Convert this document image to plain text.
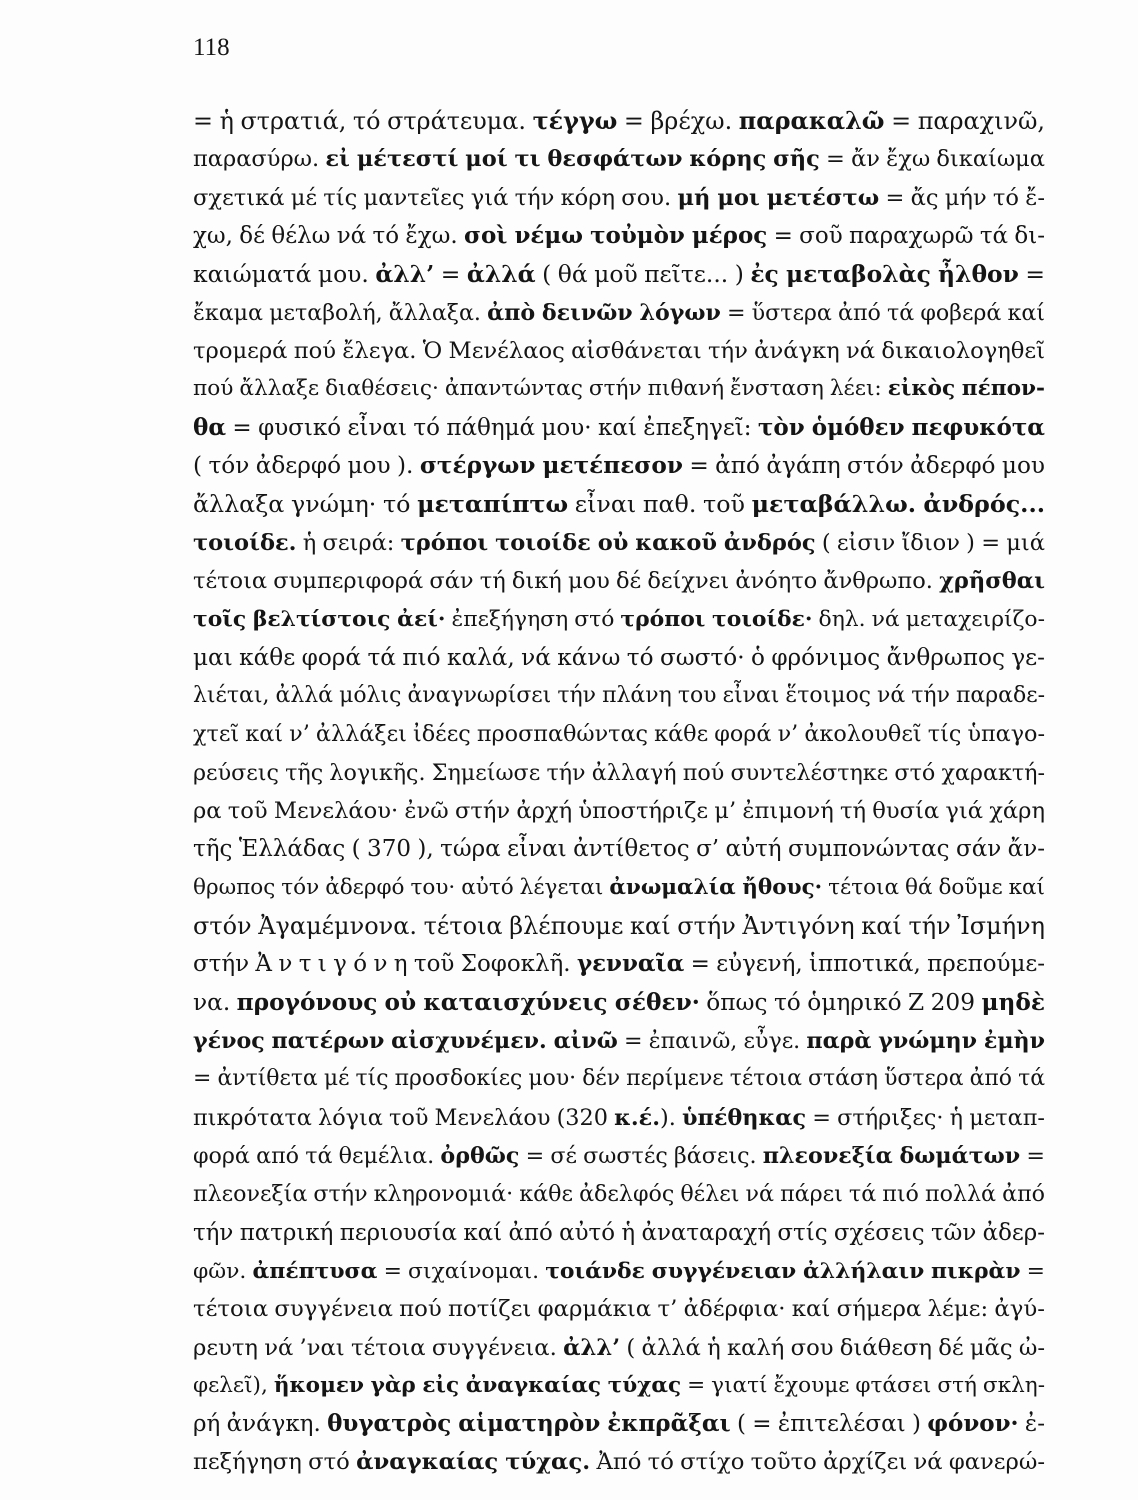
118
= ἡ στρατιά, τό στράτευμα. τέγγω = βρέχω. παρακαλῶ = παραχινῶ,
παρασύρω. εἰ μέτεστί μοί τι θεσφάτων κόρης σῆς = ἄν ἔχω δικαίωμα
σχετικά μέ τίς μαντεῖες γιά τήν κόρη σου. μή μοι μετέστω = ἄς μήν τό ἔ-
χω, δέ θέλω νά τό ἔχω. σοὶ νέμω τοὐμὸν μέρος = σοῦ παραχωρῶ τά δι-
καιώματά μου. ἀλλ’ = ἀλλά ( θά μοῦ πεῖτε... ) ἐς μεταβολὰς ἦλθον =
ἔκαμα μεταβολή, ἄλλαξα. ἀπὸ δεινῶν λόγων = ὕστερα ἀπό τά φοβερά καί
τρομερά πού ἔλεγα. Ὁ Μενέλαος αἰσθάνεται τήν ἀνάγκη νά δικαιολογηθεῖ
πού ἄλλαξε διαθέσεις· ἀπαντώντας στήν πιθανή ἔνσταση λέει: εἰκὸς πέπον-
θα = φυσικό εἶναι τό πάθημά μου· καί ἐπεξηγεῖ: τὸν ὁμόθεν πεφυκότα
( τόν ἀδερφό μου ). στέργων μετέπεσον = ἀπό ἀγάπη στόν ἀδερφό μου
ἄλλαξα γνώμη· τό μεταπίπτω εἶναι παθ. τοῦ μεταβάλλω. ἀνδρός...
τοιοίδε. ἡ σειρά: τρόποι τοιοίδε οὐ κακοῦ ἀνδρός ( εἰσιν ἴδιον ) = μιά
τέτοια συμπεριφορά σάν τή δική μου δέ δείχνει ἀνόητο ἄνθρωπο. χρῆσθαι
τοῖς βελτίστοις ἀεί· ἐπεξήγηση στό τρόποι τοιοίδε· δηλ. νά μεταχειρίζο-
μαι κάθε φορά τά πιό καλά, νά κάνω τό σωστό· ὁ φρόνιμος ἄνθρωπος γε-
λιέται, ἀλλά μόλις ἀναγνωρίσει τήν πλάνη του εἶναι ἕτοιμος νά τήν παραδε-
χτεῖ καί ν’ ἀλλάξει ἰδέες προσπαθώντας κάθε φορά ν’ ἀκολουθεῖ τίς ὑπαγο-
ρεύσεις τῆς λογικῆς. Σημείωσε τήν ἀλλαγή πού συντελέστηκε στό χαρακτή-
ρα τοῦ Μενελάου· ἐνῶ στήν ἀρχή ὑποστήριζε μ’ ἐπιμονή τή θυσία γιά χάρη
τῆς Ἑλλάδας ( 370 ), τώρα εἶναι ἀντίθετος σ’ αὐτή συμπονώντας σάν ἄν-
θρωπος τόν ἀδερφό του· αὐτό λέγεται ἀνωμαλία ἤθους· τέτοια θά δοῦμε καί
στόν Ἀγαμέμνονα. τέτοια βλέπουμε καί στήν Ἀντιγόνη καί τήν Ἰσμήνη
στήν Ἀ ν τ ι γ ό ν η τοῦ Σοφοκλῆ. γενναῖα = εὐγενή, ἱπποτικά, πρεπούμε-
να. προγόνους οὐ καταισχύνεις σέθεν· ὅπως τό ὁμηρικό Ζ 209 μηδὲ
γένος πατέρων αἰσχυνέμεν. αἰνῶ = ἐπαινῶ, εὖγε. παρὰ γνώμην ἐμὴν
= ἀντίθετα μέ τίς προσδοκίες μου· δέν περίμενε τέτοια στάση ὕστερα ἀπό τά
πικρότατα λόγια τοῦ Μενελάου (320 κ.έ.). ὑπέθηκας = στήριξες· ἡ μεταπ-
φορά από τά θεμέλια. ὀρθῶς = σέ σωστές βάσεις. πλεονεξία δωμάτων =
πλεονεξία στήν κληρονομιά· κάθε ἀδελφός θέλει νά πάρει τά πιό πολλά ἀπό
τήν πατρική περιουσία καί ἀπό αὐτό ἡ ἀναταραχή στίς σχέσεις τῶν ἀδερ-
φῶν. ἀπέπτυσα = σιχαίνομαι. τοιάνδε συγγένειαν ἀλλήλαιν πικρὰν =
τέτοια συγγένεια πού ποτίζει φαρμάκια τ’ ἀδέρφια· καί σήμερα λέμε: ἀγύ-
ρευτη νά ’ναι τέτοια συγγένεια. ἀλλ’ ( ἀλλά ἡ καλή σου διάθεση δέ μᾶς ὠ-
φελεῖ), ἥκομεν γὰρ εἰς ἀναγκαίας τύχας = γιατί ἔχουμε φτάσει στή σκλη-
ρή ἀνάγκη. θυγατρὸς αἱματηρὸν ἐκπρᾶξαι ( = ἐπιτελέσαι ) φόνον· ἐ-
πεξήγηση στό ἀναγκαίας τύχας. Ἀπό τό στίχο τοῦτο ἀρχίζει νά φανερώ-
